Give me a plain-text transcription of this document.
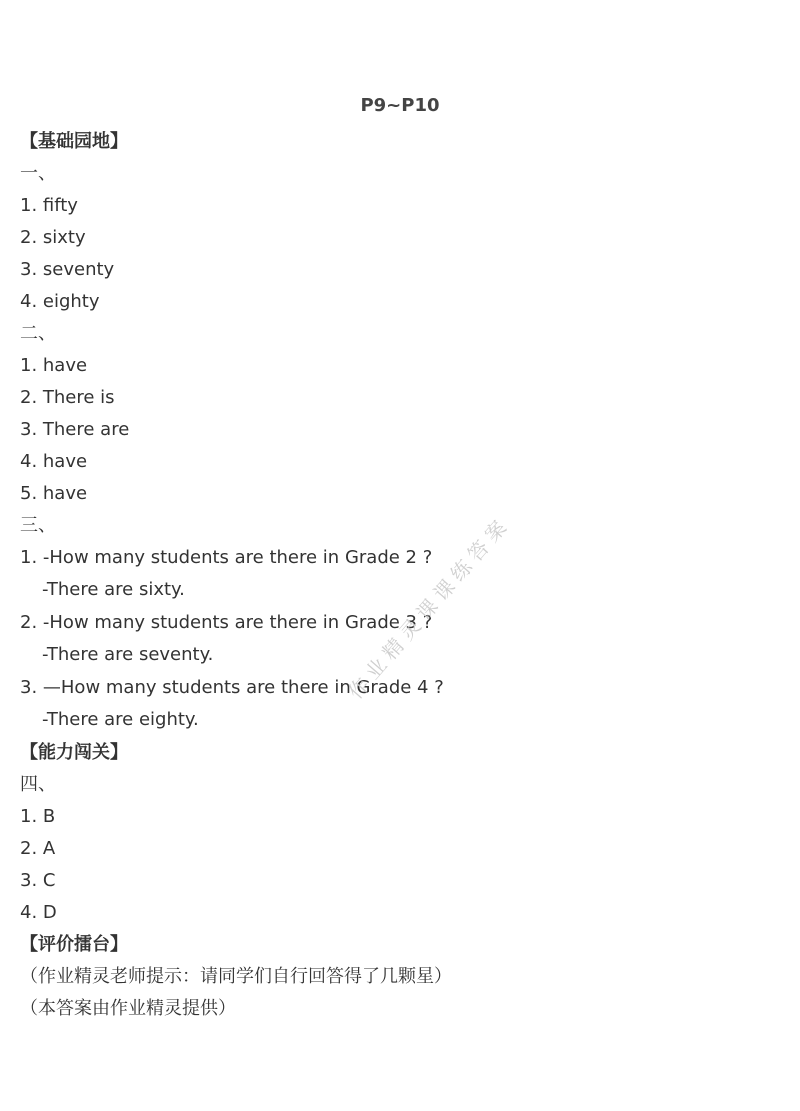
P9~P10
【基础园地】
一、
1. fifty
2. sixty
3. seventy
4. eighty
二、
1. have
2. There is
3. There are
4. have
5. have
三、
1. -How many students are there in Grade 2 ?
-There are sixty.
2. -How many students are there in Grade 3 ?
-There are seventy.
3. —How many students are there in Grade 4 ?
-There are eighty.
【能力闯关】
四、
1. B
2. A
3. C
4. D
【评价擂台】
（作业精灵老师提示：请同学们自行回答得了几颗星）
（本答案由作业精灵提供）
作业精灵课课练答案
